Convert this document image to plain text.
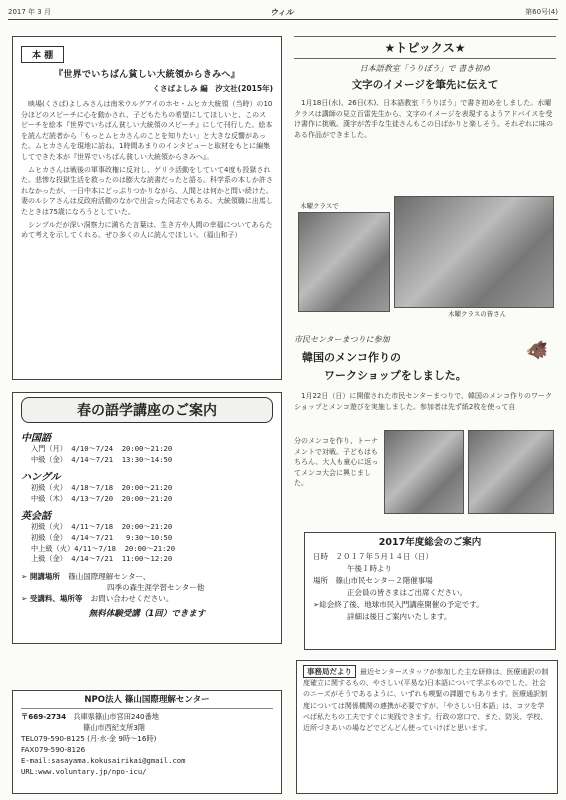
2017 年 3 月	ウィル	第60号(4)
本 棚
『世界でいちばん貧しい大統領からきみへ』
くさばよしみ 編　汐文社(2015年)
　映場(くさば)よしみさんは南米ウルグアイのホセ・ムヒカ大統領（当時）の10分ほどのスピーチに心を動かされ、子どもたちの希望にしてほしいと、このスピーチを絵本『世界でいちばん貧しい大統領のスピーチ』にして刊行した。絵本を読んだ読者から「もっとムヒカさんのことを知りたい」と大きな反響があった。ムヒカさんを現地に訪ね、1時間あまりのインタビューと取材をもとに編集してできた本が『世界でいちばん貧しい大統領からきみへ』。
　ムヒカさんは戦後の軍事政権に反対し、ゲリラ活動をしていて4度も投獄された。悲惨な投獄生活を救ったのは膨大な読書だったと語る。科学系の本しか許されなかったが、一日中本にどっぷりつかりながら、人間とは何かと問い続けた。妻のルシアさんは反政府活動のなかで出会った同志でもある。大統領職に出馬したときは75歳になろうとしていた。
　シンプルだが深い洞察力に満ちた言葉は、生き方や人間の幸福についてあらためて考えを示してくれる。ぜひ多くの人に読んでほしい。（福山和子）
★トピックス★
日本語教室「うりぼう」で 書き初め
文字のイメージを筆先に伝えて
　1月18日(水)、26日(木)、日本語教室「うりぼう」で書き初めをしました。水曜クラスは講師の見立百雷先生から、文字のイメージを表現するようアドバイスを受け書作に挑戦。漢字が苦手な生徒さんもこの日ばかりと楽しそう。それぞれに味のある作品ができました。
木曜クラスで
木曜クラスの皆さん
市民センターまつりに参加
韓国のメンコ作りの
ワークショップをしました。
🐗
　1月22日（日）に開催された市民センターまつりで、韓国のメンコ作りのワークショップとメンコ遊びを実施しました。参加者は先ず紙2枚を使って自
分のメンコを作り、トーナメントで対戦。子どもはもちろん、大人も童心に返ってメンコ大会に興じました。
春の語学講座のご案内
中国語
入門（月） 4/10〜7/24  20:00〜21:20
中級（金） 4/14〜7/21  13:30〜14:50
ハングル
初級（火） 4/18〜7/18  20:00〜21:20
中級（木） 4/13〜7/20  20:00〜21:20
英会話
初級（火） 4/11〜7/18  20:00〜21:20
初級（金） 4/14〜7/21   9:30〜10:50
中上級（火）4/11〜7/18  20:00〜21:20
上級（金） 4/14〜7/21  11:00〜12:20
➢ 開講場所 篠山国際理解センター、
四季の森生涯学習センター他
➢ 受講料、場所等 お問い合わせください。
無料体験受講（1回）できます
NPO法人 篠山国際理解センター
〒669-2734　 兵庫県篠山市宮田240番地
篠山市西紀支所3階
TEL079-590-8125 (月·水·金 9時〜16時)
FAX079-590-8126
E-mail:sasayama.kokusairikai@gmail.com
URL:www.voluntary.jp/npo-icu/
2017年度総会のご案内
日時　２０１７年５月１４日（日）
午後１時より
場所　篠山市民センター２階催事場
正会員の皆さまはご出席ください。
➢総会終了後、地球市民入門講座開催の予定です。
詳細は後日ご案内いたします。
事務局だより 最近センタースタッフが参加した主な研修は、医療通訳の制度確立に関するもの、やさしい(平易な)日本語について学ぶものでした。社会のニーズがそうであるように、いずれも喫緊の課題でもあります。医療通訳制度については関係機関の連携が必要ですが、「やさしい日本語」は、コツを学べば私たちの工夫ですぐに実践できます。行政の窓口で、また、防災、学校、近所づきあいの場などでどんどん使っていけばと思います。
